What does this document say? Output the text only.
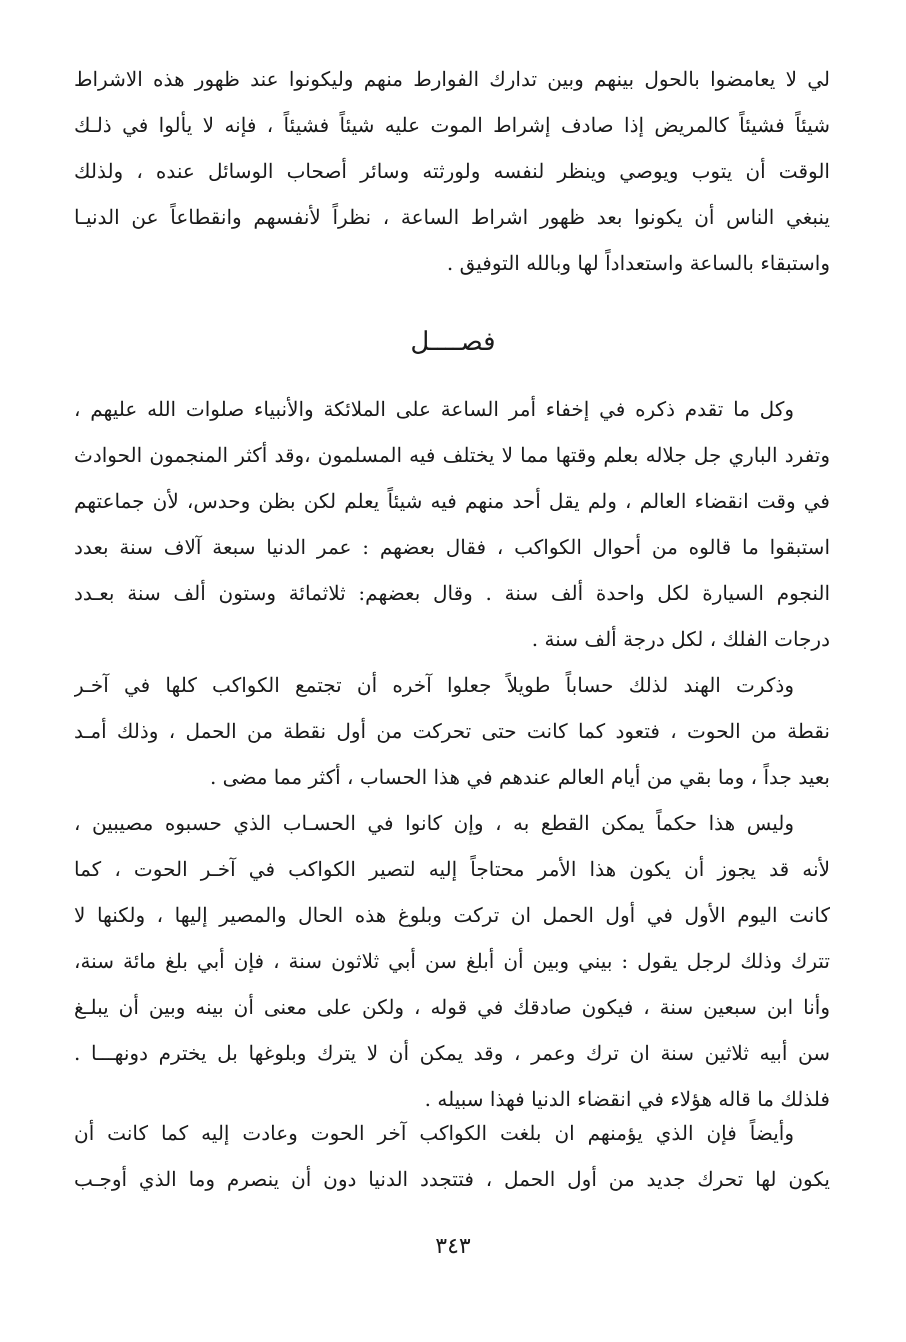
لي لا يعامضوا بالحول بينهم وبين تدارك الفوارط منهم وليكونوا عند ظهور هذه الاشراط
شيئاً فشيئاً كالمريض إذا صادف إشراط الموت عليه شيئاً فشيئاً ، فإنه لا يألوا في ذلـك
الوقت أن يتوب ويوصي وينظر لنفسه ولورثته وسائر أصحاب الوسائل عنده ، ولذلك
ينبغي الناس أن يكونوا بعد ظهور اشراط الساعة ، نظراً لأنفسهم وانقطاعاً عن الدنيـا
واستبقاء بالساعة واستعداداً لها وبالله التوفيق .
فصــــل
وكل ما تقدم ذكره في إخفاء أمر الساعة على الملائكة والأنبياء صلوات الله عليهم ،
وتفرد الباري جل جلاله بعلم وقتها مما لا يختلف فيه المسلمون ،وقد أكثر المنجمون الحوادث
في وقت انقضاء العالم ، ولم يقل أحد منهم فيه شيئاً يعلم لكن بظن وحدس، لأن جماعتهم
استبقوا ما قالوه من أحوال الكواكب ، فقال بعضهم : عمر الدنيا سبعة آلاف سنة بعدد
النجوم السيارة لكل واحدة ألف سنة . وقال بعضهم: ثلاثمائة وستون ألف سنة بعـدد
درجات الفلك ، لكل درجة ألف سنة .
وذكرت الهند لذلك حساباً طويلاً جعلوا آخره أن تجتمع الكواكب كلها في آخـر
نقطة من الحوت ، فتعود كما كانت حتى تحركت من أول نقطة من الحمل ، وذلك أمـد
بعيد جداً ، وما بقي من أيام العالم عندهم في هذا الحساب ، أكثر مما مضى .
وليس هذا حكماً يمكن القطع به ، وإن كانوا في الحسـاب الذي حسبوه مصيبين ،
لأنه قد يجوز أن يكون هذا الأمر محتاجاً إليه لتصير الكواكب في آخـر الحوت ، كما
كانت اليوم الأول في أول الحمل ان تركت وبلوغ هذه الحال والمصير إليها ، ولكنها لا
تترك وذلك لرجل يقول : بيني وبين أن أبلغ سن أبي ثلاثون سنة ، فإن أبي بلغ مائة سنة،
وأنا ابن سبعين سنة ، فيكون صادقك في قوله ، ولكن على معنى أن بينه وبين أن يبلـغ
سن أبيه ثلاثين سنة ان ترك وعمر ، وقد يمكن أن لا يترك وبلوغها بل يخترم دونهـــا .
فلذلك ما قاله هؤلاء في انقضاء الدنيا فهذا سبيله .
وأيضاً فإن الذي يؤمنهم ان بلغت الكواكب آخر الحوت وعادت إليه كما كانت أن
يكون لها تحرك جديد من أول الحمل ، فتتجدد الدنيا دون أن ينصرم وما الذي أوجـب
٣٤٣
